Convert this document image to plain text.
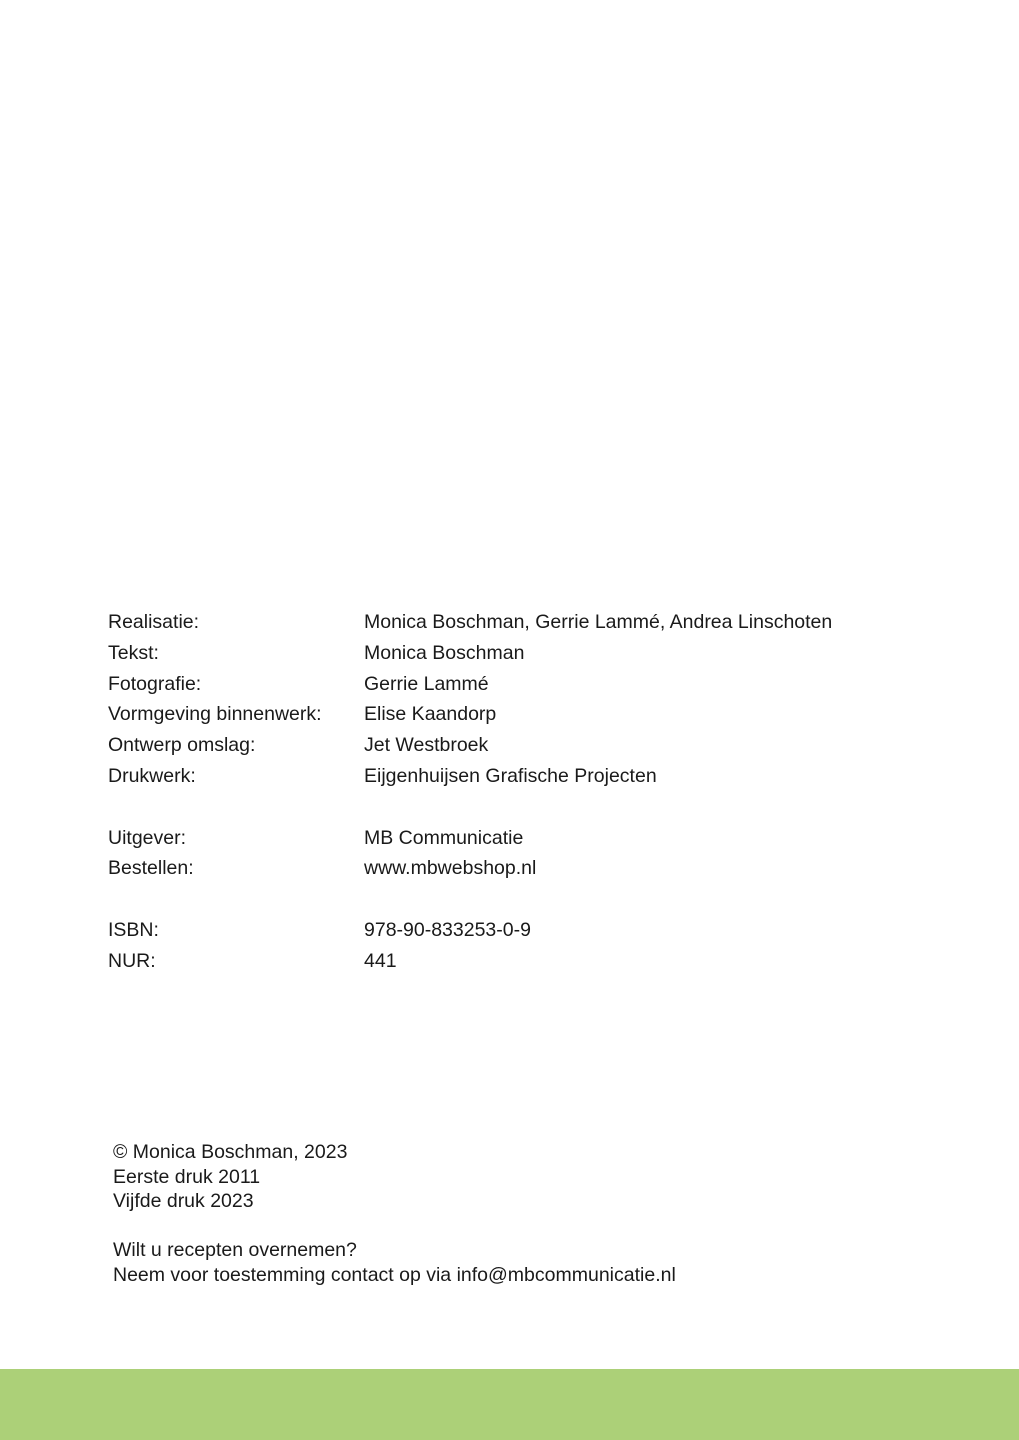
Realisatie:	Monica Boschman, Gerrie Lammé, Andrea Linschoten
Tekst:	Monica Boschman
Fotografie:	Gerrie Lammé
Vormgeving binnenwerk:	Elise Kaandorp
Ontwerp omslag:	Jet Westbroek
Drukwerk:	Eijgenhuijsen Grafische Projecten
Uitgever:	MB Communicatie
Bestellen:	www.mbwebshop.nl
ISBN:	978-90-833253-0-9
NUR:	441
© Monica Boschman, 2023
Eerste druk 2011
Vijfde druk 2023
Wilt u recepten overnemen?
Neem voor toestemming contact op via info@mbcommunicatie.nl
